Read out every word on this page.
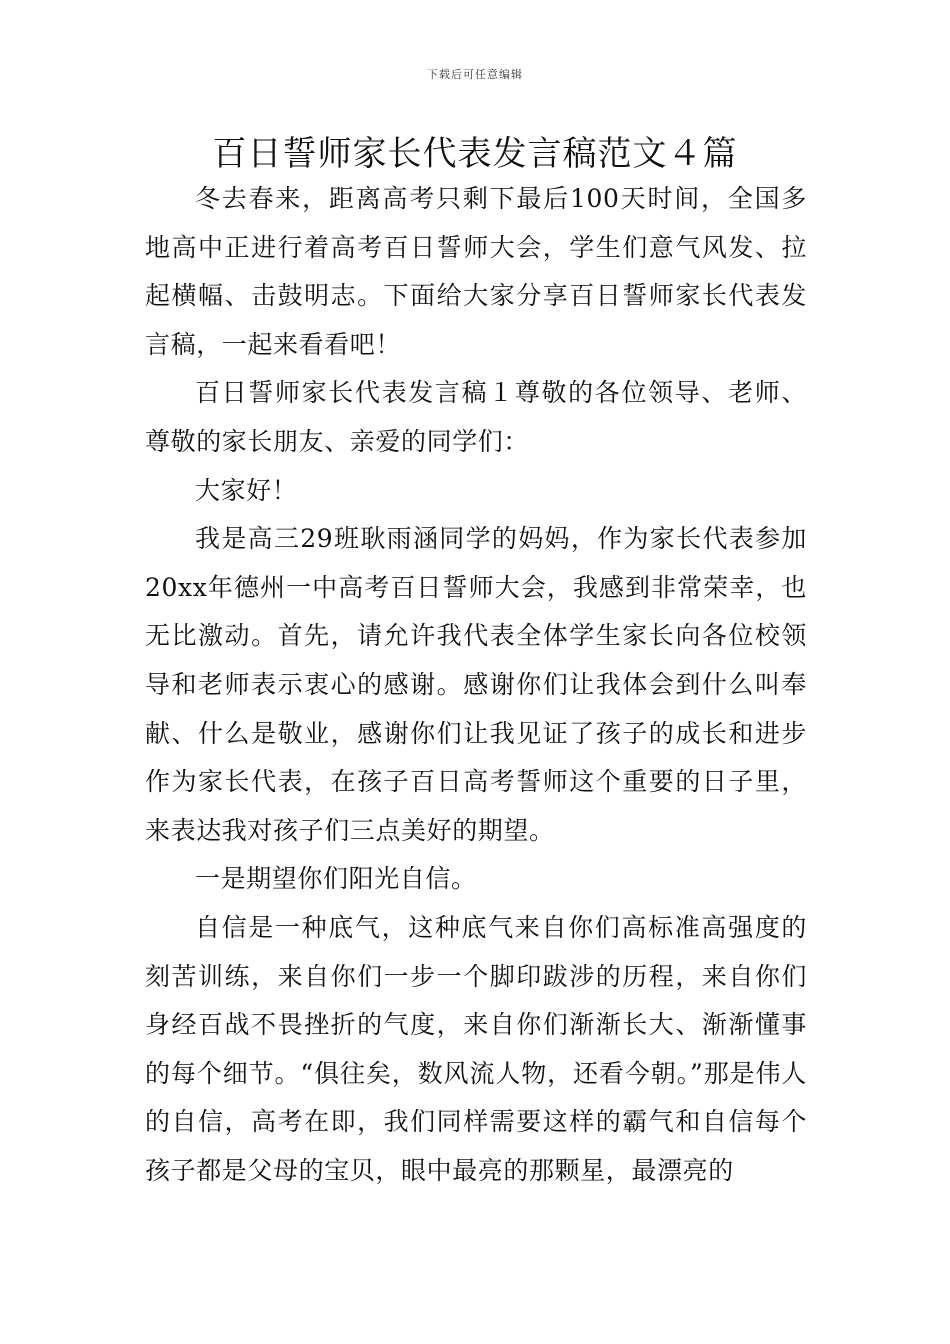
下载后可任意编辑
百日誓师家长代表发言稿范文４篇

冬去春来，距离高考只剩下最后100天时间，全国多地高中正进行着高考百日誓师大会，学生们意气风发、拉起横幅、击鼓明志。下面给大家分享百日誓师家长代表发言稿，一起来看看吧！

百日誓师家长代表发言稿１尊敬的各位领导、老师、尊敬的家长朋友、亲爱的同学们：

大家好！

我是高三29班耿雨涵同学的妈妈，作为家长代表参加20xx年德州一中高考百日誓师大会，我感到非常荣幸，也无比激动。首先，请允许我代表全体学生家长向各位校领导和老师表示衷心的感谢。感谢你们让我体会到什么叫奉献、什么是敬业，感谢你们让我见证了孩子的成长和进步作为家长代表，在孩子百日高考誓师这个重要的日子里，来表达我对孩子们三点美好的期望。

一是期望你们阳光自信。

自信是一种底气，这种底气来自你们高标准高强度的刻苦训练，来自你们一步一个脚印跋涉的历程，来自你们身经百战不畏挫折的气度，来自你们渐渐长大、渐渐懂事的每个细节。“俱往矣，数风流人物，还看今朝。”那是伟人的自信，高考在即，我们同样需要这样的霸气和自信每个孩子都是父母的宝贝，眼中最亮的那颗星，最漂亮的
